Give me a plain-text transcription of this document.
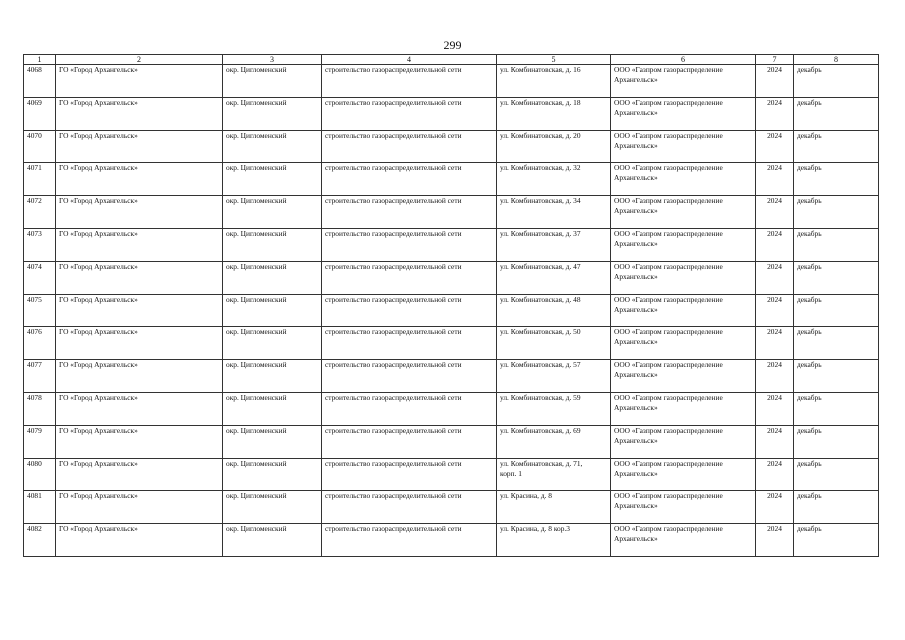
299
1	2	3	4	5	6	7	8
4068	ГО «Город Архангельск»	окр. Цигломенский	строительство газораспределительной сети	ул. Комбинатовская, д. 16	ООО «Газпром газораспределение
Архангельск»	2024	декабрь
4069	ГО «Город Архангельск»	окр. Цигломенский	строительство газораспределительной сети	ул. Комбинатовская, д. 18	ООО «Газпром газораспределение
Архангельск»	2024	декабрь
4070	ГО «Город Архангельск»	окр. Цигломенский	строительство газораспределительной сети	ул. Комбинатовская, д. 20	ООО «Газпром газораспределение
Архангельск»	2024	декабрь
4071	ГО «Город Архангельск»	окр. Цигломенский	строительство газораспределительной сети	ул. Комбинатовская, д. 32	ООО «Газпром газораспределение
Архангельск»	2024	декабрь
4072	ГО «Город Архангельск»	окр. Цигломенский	строительство газораспределительной сети	ул. Комбинатовская, д. 34	ООО «Газпром газораспределение
Архангельск»	2024	декабрь
4073	ГО «Город Архангельск»	окр. Цигломенский	строительство газораспределительной сети	ул. Комбинатовская, д. 37	ООО «Газпром газораспределение
Архангельск»	2024	декабрь
4074	ГО «Город Архангельск»	окр. Цигломенский	строительство газораспределительной сети	ул. Комбинатовская, д. 47	ООО «Газпром газораспределение
Архангельск»	2024	декабрь
4075	ГО «Город Архангельск»	окр. Цигломенский	строительство газораспределительной сети	ул. Комбинатовская, д. 48	ООО «Газпром газораспределение
Архангельск»	2024	декабрь
4076	ГО «Город Архангельск»	окр. Цигломенский	строительство газораспределительной сети	ул. Комбинатовская, д. 50	ООО «Газпром газораспределение
Архангельск»	2024	декабрь
4077	ГО «Город Архангельск»	окр. Цигломенский	строительство газораспределительной сети	ул. Комбинатовская, д. 57	ООО «Газпром газораспределение
Архангельск»	2024	декабрь
4078	ГО «Город Архангельск»	окр. Цигломенский	строительство газораспределительной сети	ул. Комбинатовская, д. 59	ООО «Газпром газораспределение
Архангельск»	2024	декабрь
4079	ГО «Город Архангельск»	окр. Цигломенский	строительство газораспределительной сети	ул. Комбинатовская, д. 69	ООО «Газпром газораспределение
Архангельск»	2024	декабрь
4080	ГО «Город Архангельск»	окр. Цигломенский	строительство газораспределительной сети	ул. Комбинатовская, д. 71,
корп. 1	ООО «Газпром газораспределение
Архангельск»	2024	декабрь
4081	ГО «Город Архангельск»	окр. Цигломенский	строительство газораспределительной сети	ул. Красина, д. 8	ООО «Газпром газораспределение
Архангельск»	2024	декабрь
4082	ГО «Город Архангельск»	окр. Цигломенский	строительство газораспределительной сети	ул. Красина, д. 8 кор.3	ООО «Газпром газораспределение
Архангельск»	2024	декабрь
